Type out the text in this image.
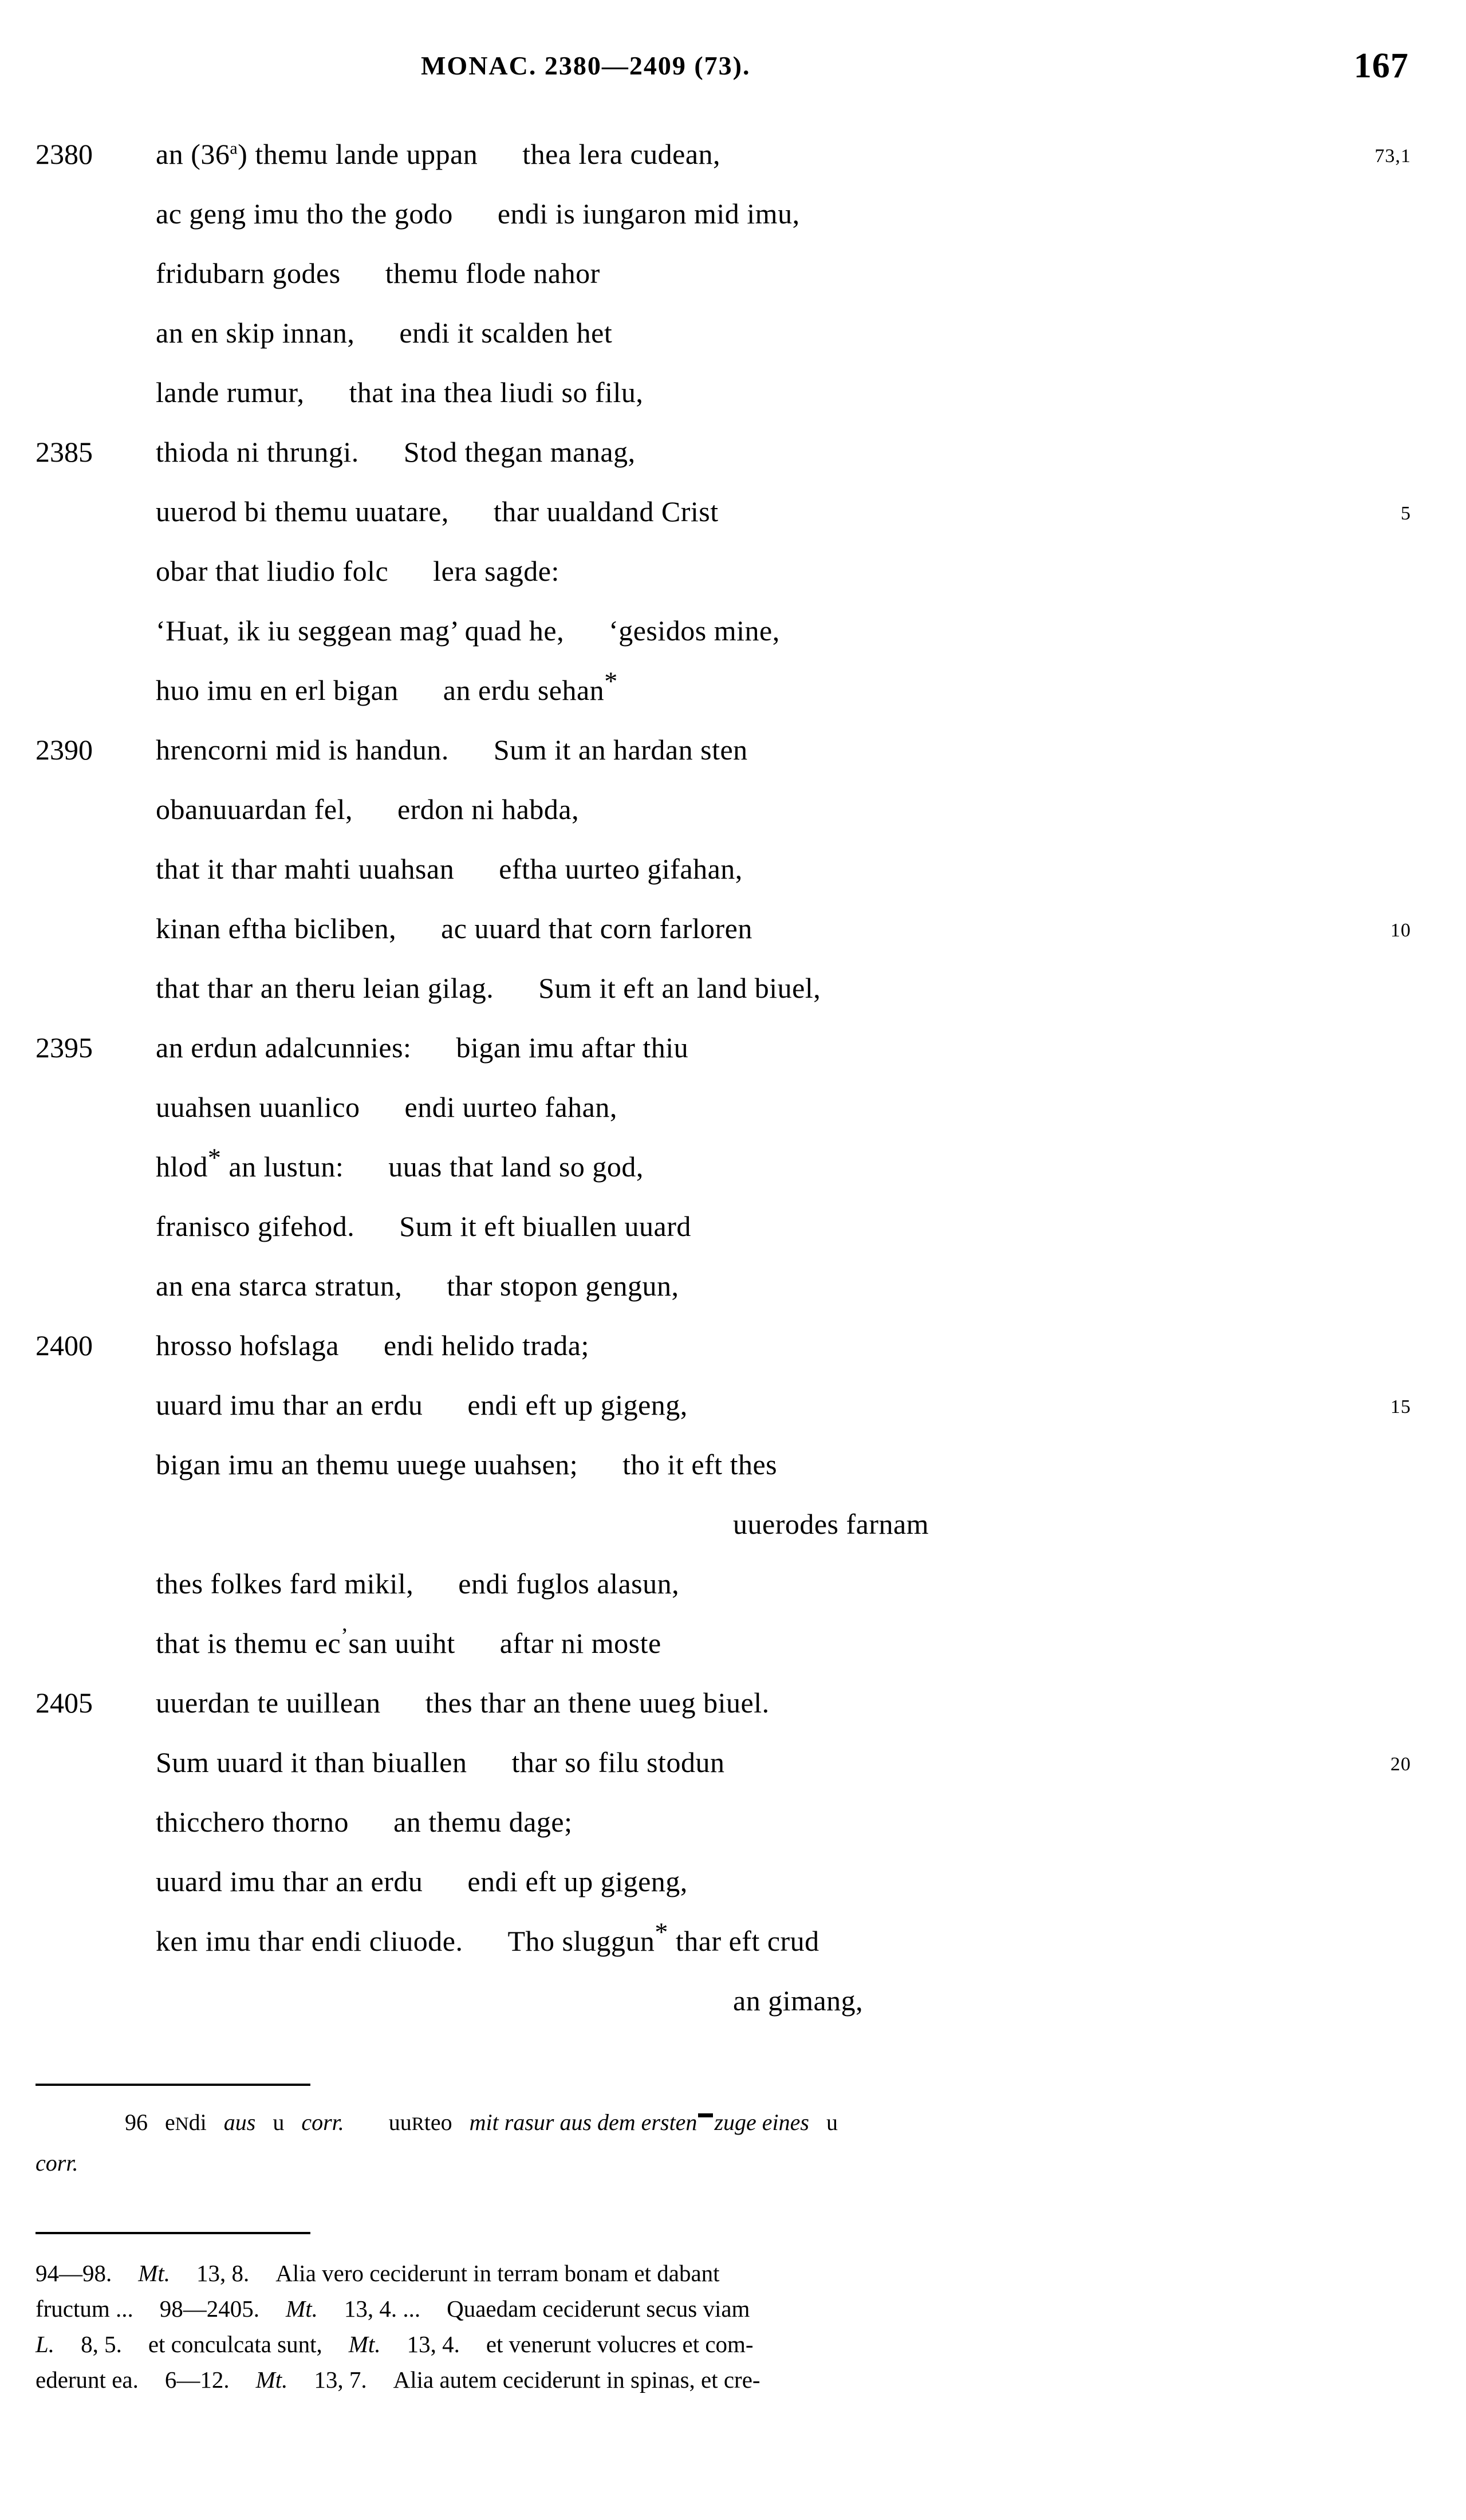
MONAC. 2380—2409 (73).	167
2380	an (36$^a$) themu lande uppan thea lera cudean,	73,1
ac geng imu tho the godo endi is iungaron mid imu,
fridubarn godes themu flode nahor
an en skip innan, endi it scalden het
lande rumur, that ina thea liudi so filu,
2385	thioda ni thrungi. Stod thegan manag,
uuerod bi themu uuatare, thar uualdand Crist	5
obar that liudio folc lera sagde:
‘Huat, ik iu seggean mag’ quad he, ‘gesidos mine,
huo imu en erl bigan an erdu sehan*
2390	hrencorni mid is handun. Sum it an hardan sten
obanuuardan fel, erdon ni habda,
that it thar mahti uuahsan eftha uurteo gifahan,
kinan eftha bicliben, ac uuard that corn farloren	10
that thar an theru leian gilag. Sum it eft an land biuel,
2395	an erdun adalcunnies: bigan imu aftar thiu
uuahsen uuanlico endi uurteo fahan,
hlod* an lustun: uuas that land so god,
franisco gifehod. Sum it eft biuallen uuard
an ena starca stratun, thar stopon gengun,
2400	hrosso hofslaga endi helido trada;
uuard imu thar an erdu endi eft up gigeng,	15
bigan imu an themu uuege uuahsen; tho it eft thes
uuerodes farnam
thes folkes fard mikil, endi fuglos alasun,
that is themu ec’san uuiht aftar ni moste
2405	uuerdan te uuillean thes thar an thene uueg biuel.
Sum uuard it than biuallen thar so filu stodun	20
thicchero thorno an themu dage;
uuard imu thar an erdu endi eft up gigeng,
ken imu thar endi cliuode. Tho sluggun* thar eft crud
an gimang,
96 eNdi aus u corr. uuRteo mit rasur aus dem ersten zuge eines u
corr.
94—98. Mt. 13, 8. Alia vero ceciderunt in terram bonam et dabant
fructum ... 98—2405. Mt. 13, 4. ... Quaedam ceciderunt secus viam
L. 8, 5. et conculcata sunt, Mt. 13, 4. et venerunt volucres et com-
ederunt ea. 6—12. Mt. 13, 7. Alia autem ceciderunt in spinas, et cre-
